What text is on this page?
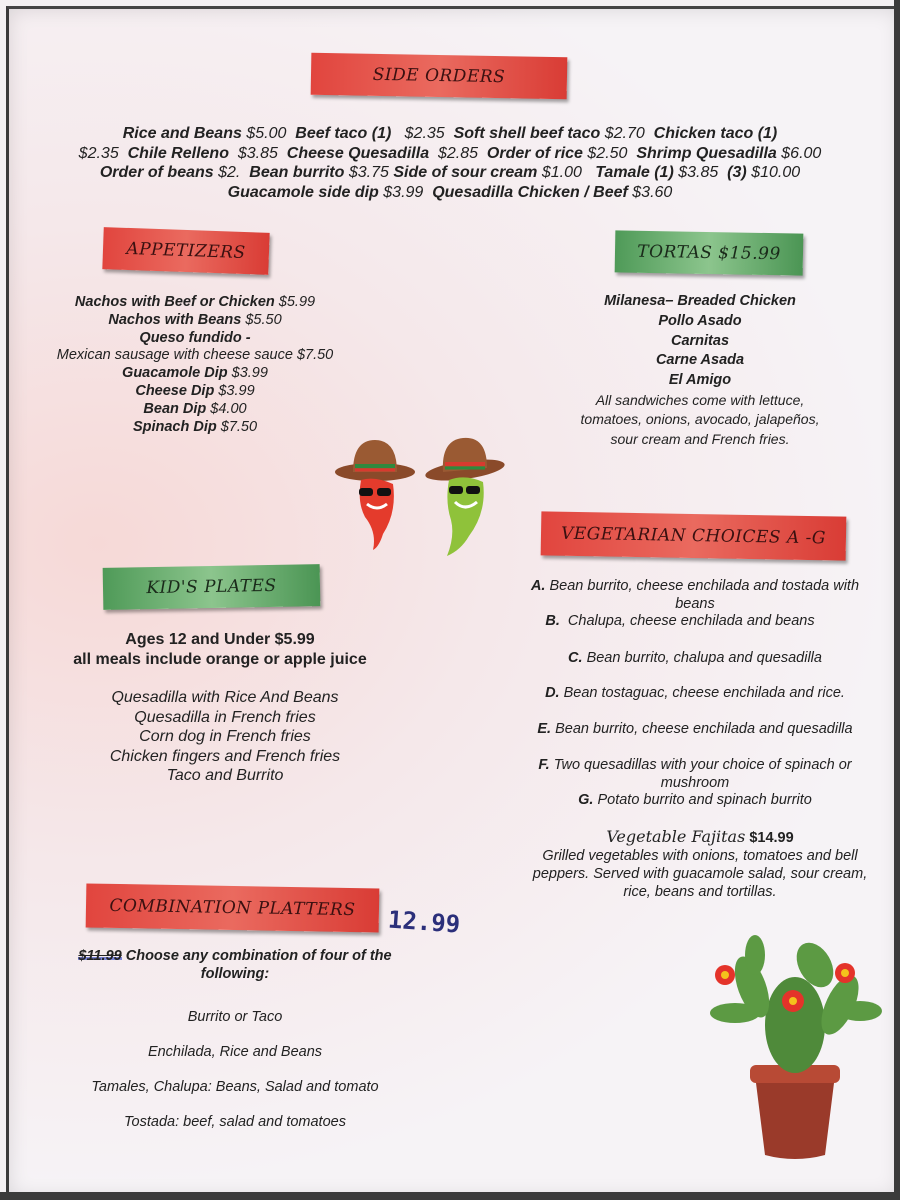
SIDE ORDERS
Rice and Beans $5.00 Beef taco (1) $2.35 Soft shell beef taco $2.70 Chicken taco (1)
$2.35 Chile Relleno $3.85 Cheese Quesadilla $2.85 Order of rice $2.50 Shrimp Quesadilla $6.00
Order of beans $2. Bean burrito $3.75 Side of sour cream $1.00 Tamale (1) $3.85 (3) $10.00
Guacamole side dip $3.99 Quesadilla Chicken / Beef $3.60
APPETIZERS
Nachos with Beef or Chicken $5.99
Nachos with Beans $5.50
Queso fundido -
Mexican sausage with cheese sauce $7.50
Guacamole Dip $3.99
Cheese Dip $3.99
Bean Dip $4.00
Spinach Dip $7.50
TORTAS $15.99
Milanesa– Breaded Chicken
Pollo Asado
Carnitas
Carne Asada
El Amigo
All sandwiches come with lettuce,
tomatoes, onions, avocado, jalapeños,
sour cream and French fries.
KID'S PLATES
Ages 12 and Under $5.99
all meals include orange or apple juice
Quesadilla with Rice And Beans
Quesadilla in French fries
Corn dog in French fries
Chicken fingers and French fries
Taco and Burrito
VEGETARIAN CHOICES A -G
A. Bean burrito, cheese enchilada and tostada with
beans
B. Chalupa, cheese enchilada and beans
C. Bean burrito, chalupa and quesadilla
D. Bean tostaguac, cheese enchilada and rice.
E. Bean burrito, cheese enchilada and quesadilla
F. Two quesadillas with your choice of spinach or
mushroom
G. Potato burrito and spinach burrito
Vegetable Fajitas $14.99
Grilled vegetables with onions, tomatoes and bell
peppers. Served with guacamole salad, sour cream,
rice, beans and tortillas.
COMBINATION PLATTERS 12.99
$11.99 Choose any combination of four of the
following:
Burrito or Taco
Enchilada, Rice and Beans
Tamales, Chalupa: Beans, Salad and tomato
Tostada: beef, salad and tomatoes
